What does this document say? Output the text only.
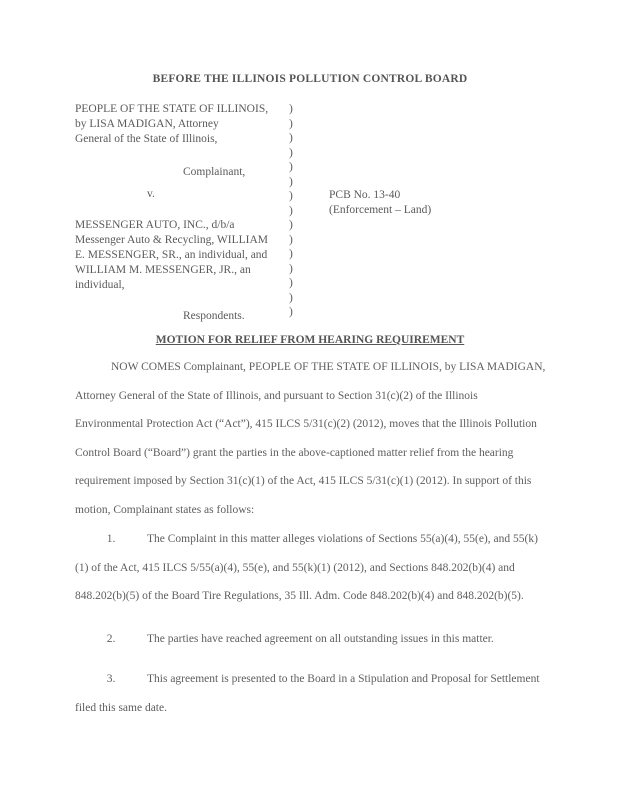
BEFORE THE ILLINOIS POLLUTION CONTROL BOARD
PEOPLE OF THE STATE OF ILLINOIS,
by LISA MADIGAN, Attorney
General of the State of Illinois,
Complainant,
v.
MESSENGER AUTO, INC., d/b/a
Messenger Auto & Recycling, WILLIAM
E. MESSENGER, SR., an individual, and
WILLIAM M. MESSENGER, JR., an
individual,
Respondents.
)
)
)
)
)
)
)
)
)
)
)
)
)
)
)
PCB No. 13-40
(Enforcement – Land)
MOTION FOR RELIEF FROM HEARING REQUIREMENT
NOW COMES Complainant, PEOPLE OF THE STATE OF ILLINOIS, by LISA MADIGAN, Attorney General of the State of Illinois, and pursuant to Section 31(c)(2) of the Illinois Environmental Protection Act (“Act”), 415 ILCS 5/31(c)(2) (2012), moves that the Illinois Pollution Control Board (“Board”) grant the parties in the above-captioned matter relief from the hearing requirement imposed by Section 31(c)(1) of the Act, 415 ILCS 5/31(c)(1) (2012). In support of this motion, Complainant states as follows:
1.	The Complaint in this matter alleges violations of Sections 55(a)(4), 55(e), and 55(k)(1) of the Act, 415 ILCS 5/55(a)(4), 55(e), and 55(k)(1) (2012), and Sections 848.202(b)(4) and 848.202(b)(5) of the Board Tire Regulations, 35 Ill. Adm. Code 848.202(b)(4) and 848.202(b)(5).
2.	The parties have reached agreement on all outstanding issues in this matter.
3.	This agreement is presented to the Board in a Stipulation and Proposal for Settlement filed this same date.
